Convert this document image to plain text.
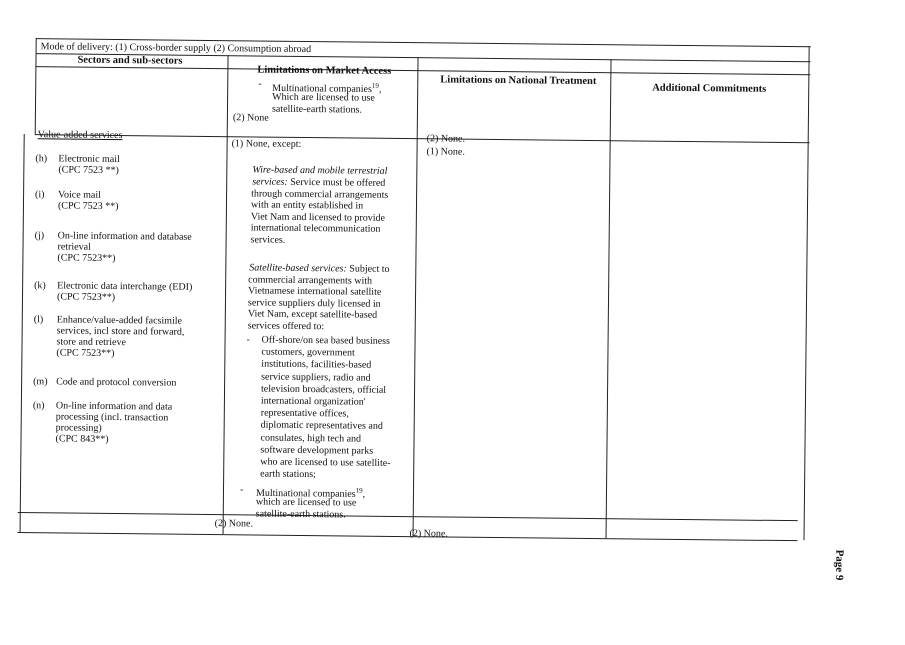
Mode of delivery: (1) Cross-border supply (2) Consumption abroad
Sectors and sub-sectors
Limitations on Market Access
Limitations on National Treatment
Additional Commitments
- Multinational companies$^{19}$,
Which are licensed to use
satellite-earth stations.
(2) None
(2) None.
Value-added services
(h) Electronic mail
(CPC 7523 **)
(i) Voice mail
(CPC 7523 **)
(j) On-line information and database
retrieval
(CPC 7523**)
(k) Electronic data interchange (EDI)
(CPC 7523**)
(l) Enhance/value-added facsimile
services, incl store and forward,
store and retrieve
(CPC 7523**)
(m) Code and protocol conversion
(n) On-line information and data
processing (incl. transaction
processing)
(CPC 843**)
(1) None, except:
Wire-based and mobile terrestrial
services: Service must be offered
through commercial arrangements
with an entity established in
Viet Nam and licensed to provide
international telecommunication
services.
Satellite-based services: Subject to
commercial arrangements with
Vietnamese international satellite
service suppliers duly licensed in
Viet Nam, except satellite-based
services offered to:
- Off-shore/on sea based business
customers, government
institutions, facilities-based
service suppliers, radio and
television broadcasters, official
international organization'
representative offices,
diplomatic representatives and
consulates, high tech and
software development parks
who are licensed to use satellite-
earth stations;
- Multinational companies$^{19}$,
which are licensed to use
satellite-earth stations.
(2) None.
(1) None.
(2) None.
Page 9
